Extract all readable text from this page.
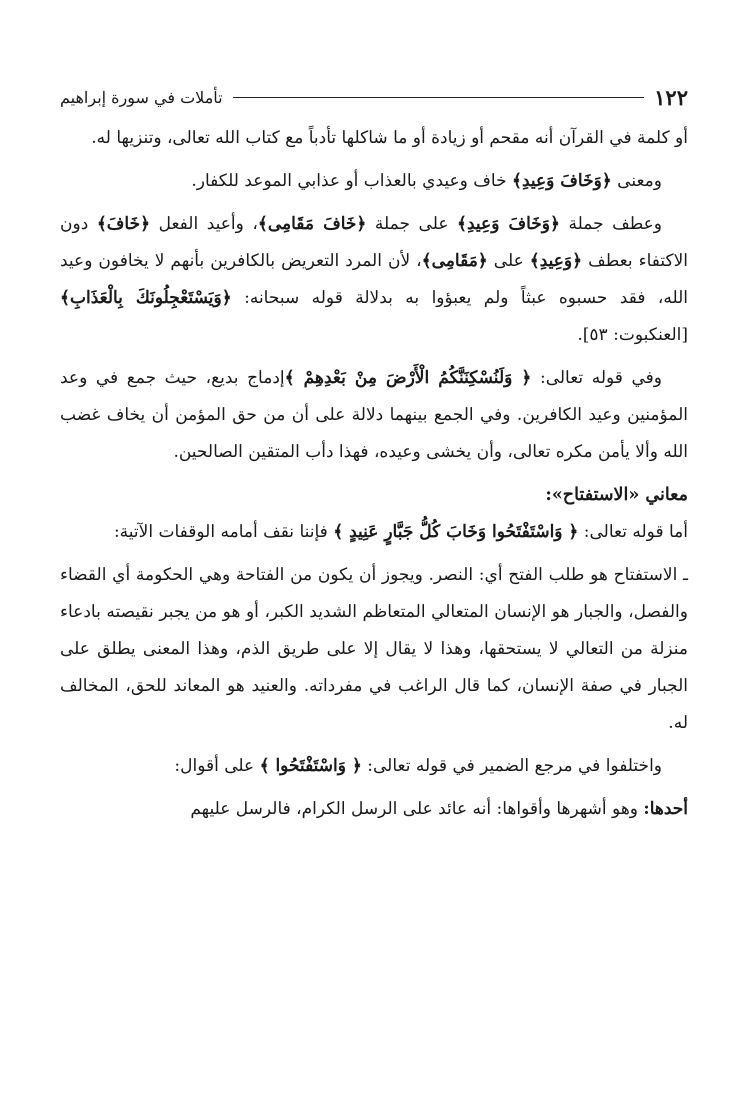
١٢٢
تأملات في سورة إبراهيم

أو كلمة في القرآن أنه مقحم أو زيادة أو ما شاكلها تأدباً مع كتاب الله تعالى، وتنزيها له.

ومعنى ﴿وَخَافَ وَعِيدِ﴾ خاف وعيدي بالعذاب أو عذابي الموعد للكفار.

وعطف جملة ﴿وَخَافَ وَعِيدِ﴾ على جملة ﴿خَافَ مَقَامِى﴾، وأعيد الفعل ﴿خَافَ﴾ دون الاكتفاء بعطف ﴿وَعِيدِ﴾ على ﴿مَقَامِى﴾، لأن المرد التعريض بالكافرين بأنهم لا يخافون وعيد الله، فقد حسبوه عبثاً ولم يعبؤوا به بدلالة قوله سبحانه: ﴿وَيَسْتَعْجِلُونَكَ بِالْعَذَابِ﴾ [العنكبوت: ٥٣].

وفي قوله تعالى: ﴿ وَلَنُسْكِنَنَّكُمُ الْأَرْضَ مِنْ بَعْدِهِمْ ﴾إدماج بديع، حيث جمع في وعد المؤمنين وعيد الكافرين. وفي الجمع بينهما دلالة على أن من حق المؤمن أن يخاف غضب الله وألا يأمن مكره تعالى، وأن يخشى وعيده، فهذا دأب المتقين الصالحين.

معاني «الاستفتاح»:

أما قوله تعالى: ﴿ وَاسْتَفْتَحُوا وَخَابَ كُلُّ جَبَّارٍ عَنِيدٍ ﴾ فإننا نقف أمامه الوقفات الآتية:

ـ الاستفتاح هو طلب الفتح أي: النصر. ويجوز أن يكون من الفتاحة وهي الحكومة أي القضاء والفصل، والجبار هو الإنسان المتعالي المتعاظم الشديد الكبر، أو هو من يجبر نقيصته بادعاء منزلة من التعالي لا يستحقها، وهذا لا يقال إلا على طريق الذم، وهذا المعنى يطلق على الجبار في صفة الإنسان، كما قال الراغب في مفرداته. والعنيد هو المعاند للحق، المخالف له.

واختلفوا في مرجع الضمير في قوله تعالى: ﴿ وَاسْتَفْتَحُوا ﴾ على أقوال:

أحدها: وهو أشهرها وأقواها: أنه عائد على الرسل الكرام، فالرسل عليهم
